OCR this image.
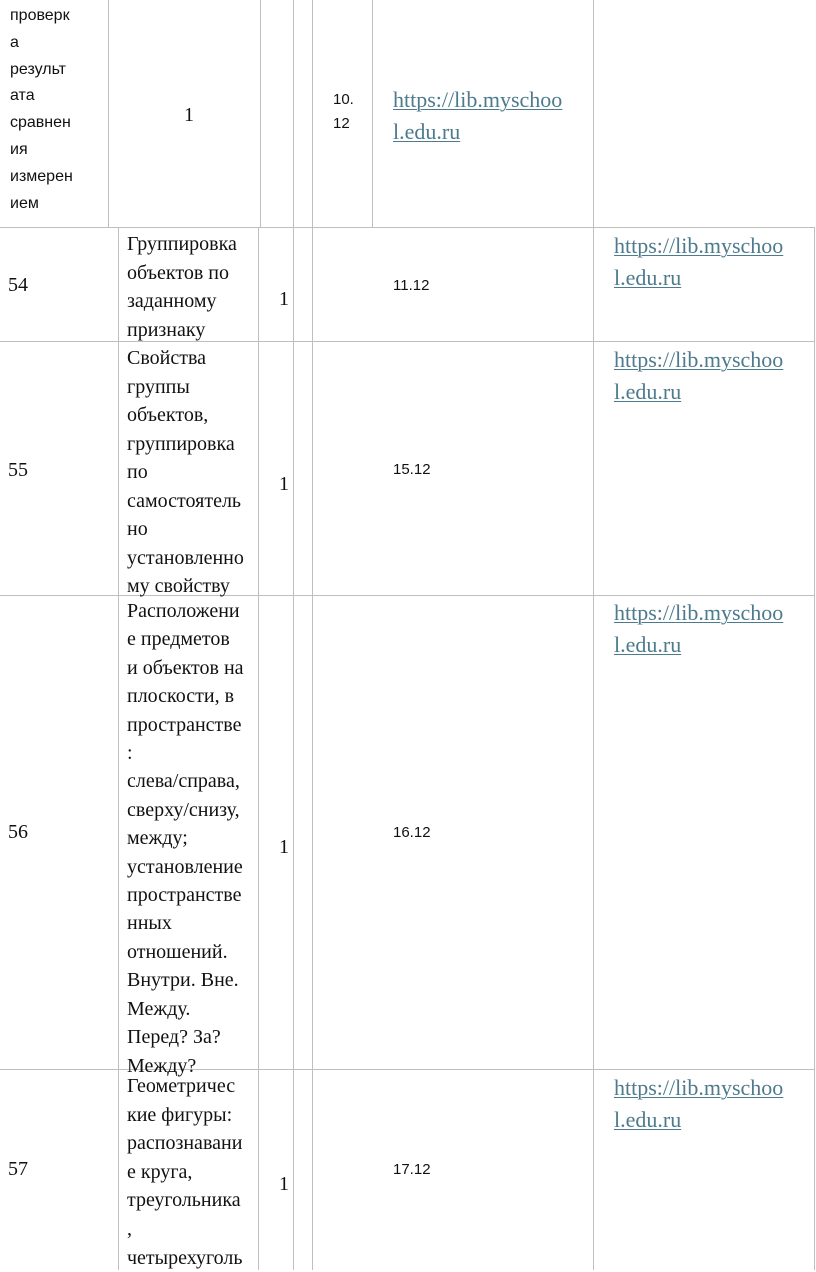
проверк
а
результ
ата
сравнен
ия
измерен
ием
1
10.
12
https://lib.myschoo
l.edu.ru
54
Группировка
объектов по
заданному
признаку
1
11.12
https://lib.myschoo
l.edu.ru
55
Свойства
группы
объектов,
группировка
по
самостоятель
но
установленно
му свойству
1
15.12
https://lib.myschoo
l.edu.ru
56
Расположени
е предметов
и объектов на
плоскости, в
пространстве
:
слева/справа,
сверху/снизу,
между;
установление
пространстве
нных
отношений.
Внутри. Вне.
Между.
Перед? За?
Между?
1
16.12
https://lib.myschoo
l.edu.ru
57
Геометричес
кие фигуры:
распознавани
е круга,
треугольника
,
четырехуголь
1
17.12
https://lib.myschoo
l.edu.ru
